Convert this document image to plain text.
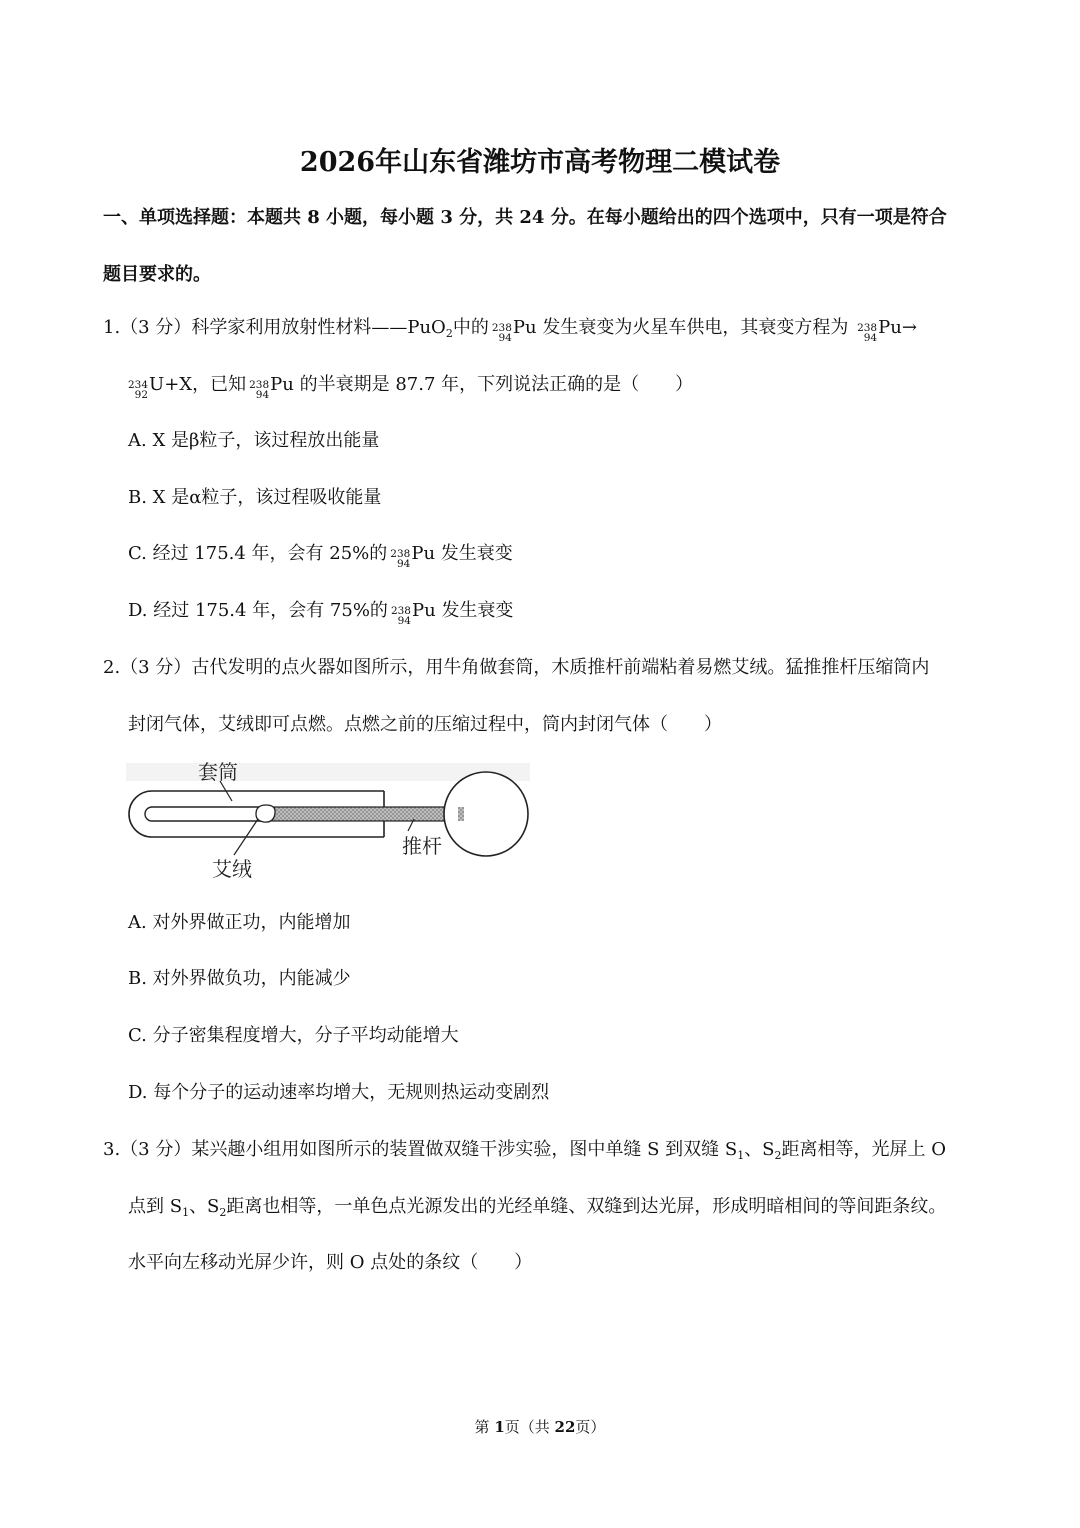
2026年山东省潍坊市高考物理二模试卷
一、单项选择题：本题共 8 小题，每小题 3 分，共 24 分。在每小题给出的四个选项中，只有一项是符合
题目要求的。
1.（3 分）科学家利用放射性材料——PuO$_2$中的 238
94 Pu 发生衰变为火星车供电，其衰变方程为 238
94 Pu→
234
92 U+X，已知 238
94 Pu 的半衰期是 87.7 年，下列说法正确的是（　　）
A. X 是β粒子，该过程放出能量
B. X 是α粒子，该过程吸收能量
C. 经过 175.4 年，会有 25%的 238
94 Pu 发生衰变
D. 经过 175.4 年，会有 75%的 238
94 Pu 发生衰变
2.（3 分）古代发明的点火器如图所示，用牛角做套筒，木质推杆前端粘着易燃艾绒。猛推推杆压缩筒内
封闭气体，艾绒即可点燃。点燃之前的压缩过程中，筒内封闭气体（　　）
套筒
推杆
艾绒
A. 对外界做正功，内能增加
B. 对外界做负功，内能减少
C. 分子密集程度增大，分子平均动能增大
D. 每个分子的运动速率均增大，无规则热运动变剧烈
3.（3 分）某兴趣小组用如图所示的装置做双缝干涉实验，图中单缝 S 到双缝 $S_1$、$S_2$距离相等，光屏上 O
点到 $S_1$、$S_2$距离也相等，一单色点光源发出的光经单缝、双缝到达光屏，形成明暗相间的等间距条纹。
水平向左移动光屏少许，则 O 点处的条纹（　　）
第 1页（共 22页）
